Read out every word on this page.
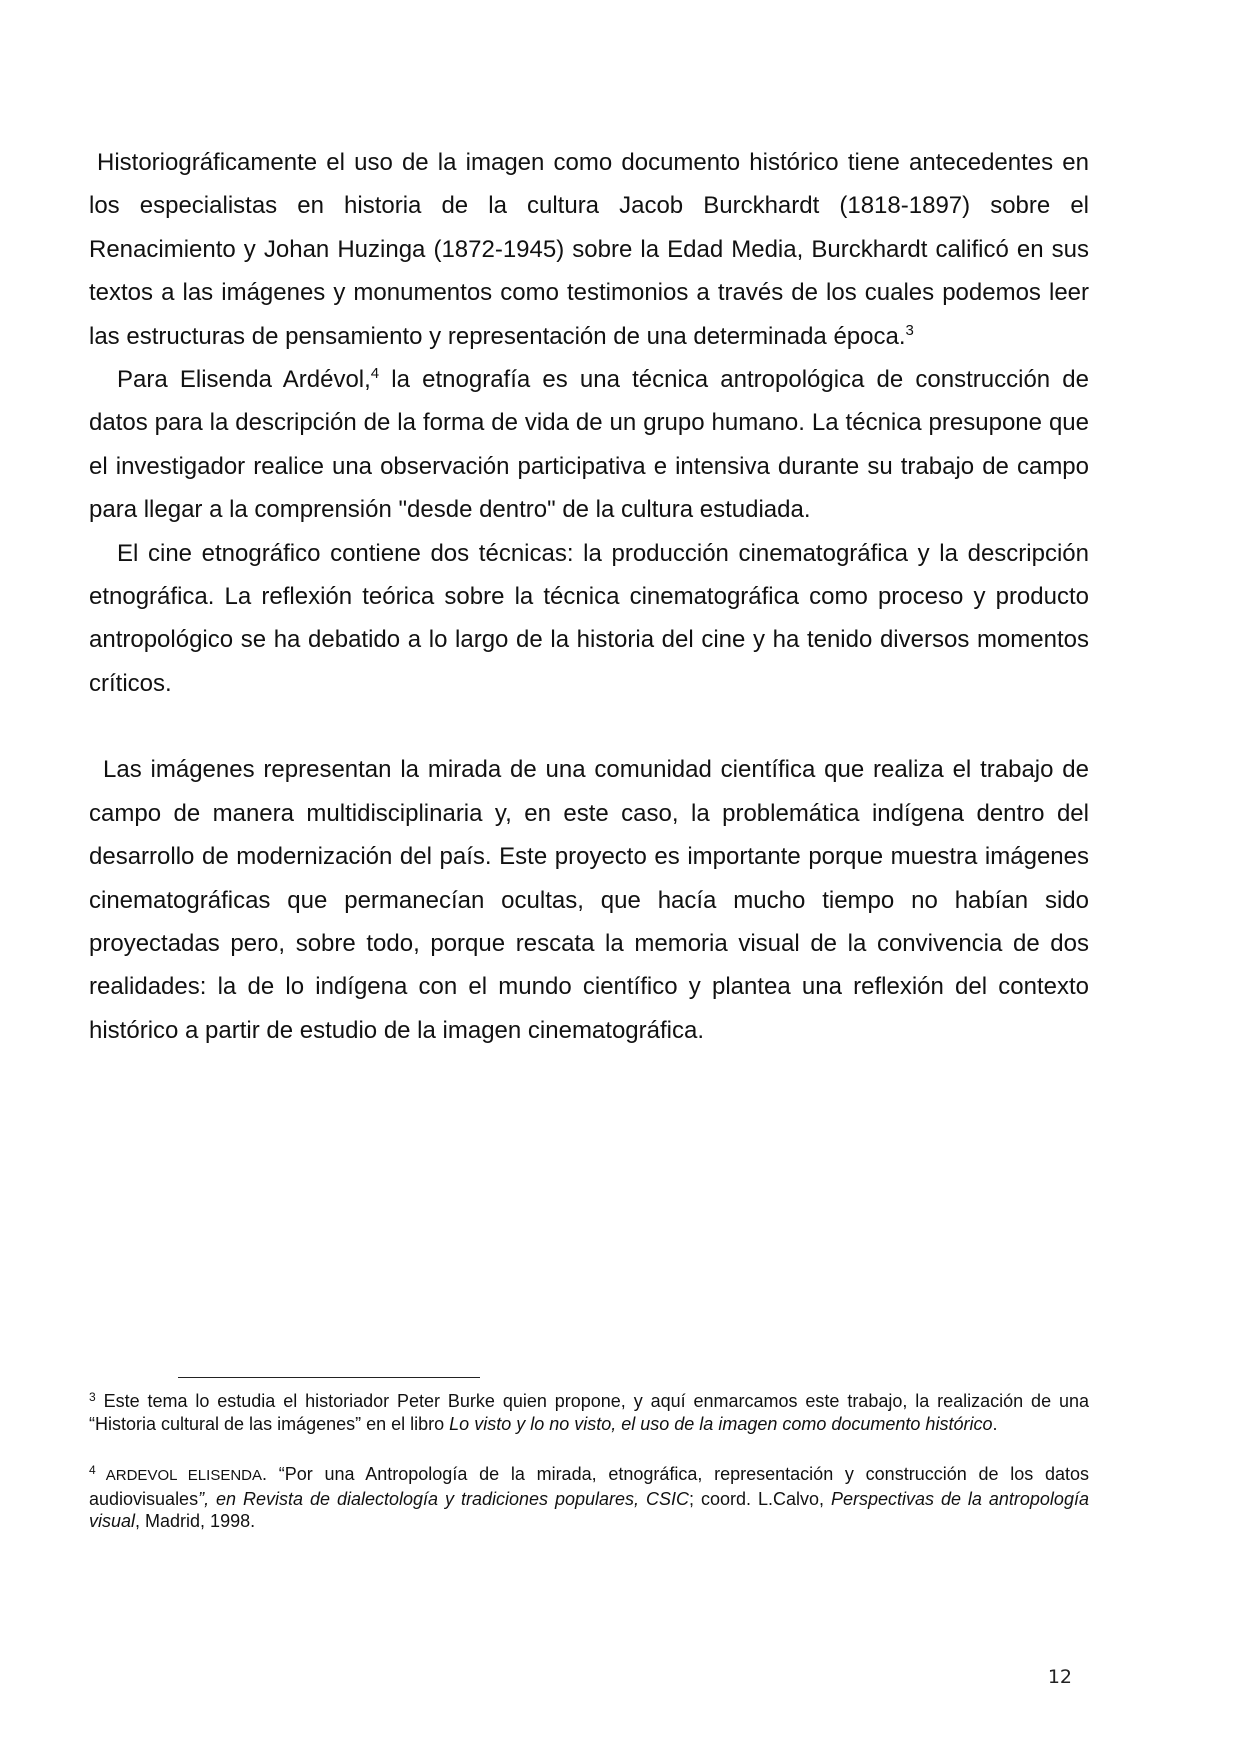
Historiográficamente el uso de la imagen como documento histórico tiene antecedentes en los especialistas en historia de la cultura Jacob Burckhardt (1818-1897) sobre el Renacimiento y Johan Huzinga (1872-1945) sobre la Edad Media, Burckhardt calificó en sus textos a las imágenes y monumentos como testimonios a través de los cuales podemos leer las estructuras de pensamiento y representación de una determinada época.$^3$

Para Elisenda Ardévol,$^4$ la etnografía es una técnica antropológica de construcción de datos para la descripción de la forma de vida de un grupo humano. La técnica presupone que el investigador realice una observación participativa e intensiva durante su trabajo de campo para llegar a la comprensión "desde dentro" de la cultura estudiada.

El cine etnográfico contiene dos técnicas: la producción cinematográfica y la descripción etnográfica. La reflexión teórica sobre la técnica cinematográfica como proceso y producto antropológico se ha debatido a lo largo de la historia del cine y ha tenido diversos momentos críticos.

Las imágenes representan la mirada de una comunidad científica que realiza el trabajo de campo de manera multidisciplinaria y, en este caso, la problemática indígena dentro del desarrollo de modernización del país. Este proyecto es importante porque muestra imágenes cinematográficas que permanecían ocultas, que hacía mucho tiempo no habían sido proyectadas pero, sobre todo, porque rescata la memoria visual de la convivencia de dos realidades: la de lo indígena con el mundo científico y plantea una reflexión del contexto histórico a partir de estudio de la imagen cinematográfica.

$^3$ Este tema lo estudia el historiador Peter Burke quien propone, y aquí enmarcamos este trabajo, la realización de una “Historia cultural de las imágenes” en el libro Lo visto y lo no visto, el uso de la imagen como documento histórico.

$^4$ ARDEVOL ELISENDA. “Por una Antropología de la mirada, etnográfica, representación y construcción de los datos audiovisuales”, en Revista de dialectología y tradiciones populares, CSIC; coord. L.Calvo, Perspectivas de la antropología visual, Madrid, 1998.

12
